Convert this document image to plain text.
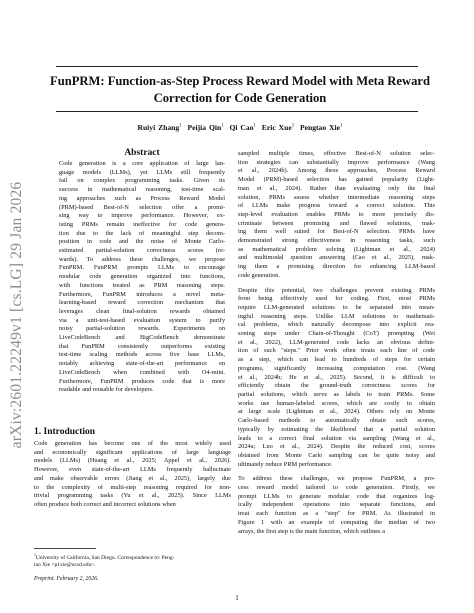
arXiv:2601.22249v1 [cs.LG] 29 Jan 2026
FunPRM: Function-as-Step Process Reward Model with Meta Reward
Correction for Code Generation
Ruiyi Zhang$^1$ Peijia Qin$^1$ Qi Cao$^1$ Eric Xue$^1$ Pengtao Xie$^1$
Abstract
Code generation is a core application of large lan-
guage models (LLMs), yet LLMs still frequently
fail on complex programming tasks. Given its
success in mathematical reasoning, test-time scal-
ing approaches such as Process Reward Model
(PRM)-based Best-of-N selection offer a promi-
sing way to improve performance. However, ex-
isting PRMs remain ineffective for code genera-
tion due to the lack of meaningful step decom-
position in code and the noise of Monte Carlo-
estimated partial-solution correctness scores (re-
wards). To address these challenges, we propose
FunPRM. FunPRM prompts LLMs to encourage
modular code generation organized into functions,
with functions treated as PRM reasoning steps.
Furthermore, FunPRM introduces a novel meta-
learning-based reward correction mechanism that
leverages clean final-solution rewards obtained
via a unit-test-based evaluation system to purify
noisy partial-solution rewards. Experiments on
LiveCodeBench and BigCodeBench demonstrate
that FunPRM consistently outperforms existing
test-time scaling methods across five base LLMs,
notably achieving state-of-the-art performance on
LiveCodeBench when combined with O4-mini.
Furthermore, FunPRM produces code that is more
readable and reusable for developers.
1. Introduction
Code generation has become one of the most widely used
and economically significant applications of large language
models (LLMs) (Huang et al., 2025; Appel et al., 2026).
However, even state-of-the-art LLMs frequently hallucinate
and make observable errors (Jiang et al., 2025), largely due
to the complexity of multi-step reasoning required for non-
trivial programming tasks (Yu et al., 2025). Since LLMs
often produce both correct and incorrect solutions when
$^1$University of California, San Diego. Correspondence to: Peng-
tao Xie <p1xie@ucsd.edu>.
Preprint. February 2, 2026.

sampled multiple times, effective Best-of-N solution selec-
tion strategies can substantially improve performance (Wang
et al., 2024b). Among these approaches, Process Reward
Model (PRM)-based selection has gained popularity (Light-
man et al., 2024). Rather than evaluating only the final
solution, PRMs assess whether intermediate reasoning steps
of LLMs make progress toward a correct solution. This
step-level evaluation enables PRMs to more precisely dis-
criminate between promising and flawed solutions, mak-
ing them well suited for Best-of-N selection. PRMs have
demonstrated strong effectiveness in reasoning tasks, such
as mathematical problem solving (Lightman et al., 2024)
and multimodal question answering (Cao et al., 2025), mak-
ing them a promising direction for enhancing LLM-based
code generation.

Despite this potential, two challenges prevent existing PRMs
from being effectively used for coding. First, most PRMs
require LLM-generated solutions to be separated into mean-
ingful reasoning steps. Unlike LLM solutions to mathemati-
cal problems, which naturally decompose into explicit rea-
soning steps under Chain-of-Thought (CoT) prompting (Wei
et al., 2022), LLM-generated code lacks an obvious defini-
tion of such "steps." Prior work often treats each line of code
as a step, which can lead to hundreds of steps for certain
programs, significantly increasing computation cost. (Wang
et al., 2024b; He et al., 2025). Second, it is difficult to
efficiently obtain the ground-truth correctness scores for
partial solutions, which serve as labels to train PRMs. Some
works use human-labeled scores, which are costly to obtain
at large scale (Lightman et al., 2024). Others rely on Monte
Carlo-based methods to automatically obtain such scores,
typically by estimating the likelihood that a partial solution
leads to a correct final solution via sampling (Wang et al.,
2024a; Luo et al., 2024). Despite the reduced cost, scores
obtained from Monte Carlo sampling can be quite noisy and
ultimately reduce PRM performance.

To address these challenges, we propose FunPRM, a pro-
cess reward model tailored to code generation. Firstly, we
prompt LLMs to generate modular code that organizes log-
ically independent operations into separate functions, and
treat each function as a "step" for PRM. As illustrated in
Figure 1 with an example of computing the median of two
arrays, the first step is the main function, which outlines a

1
